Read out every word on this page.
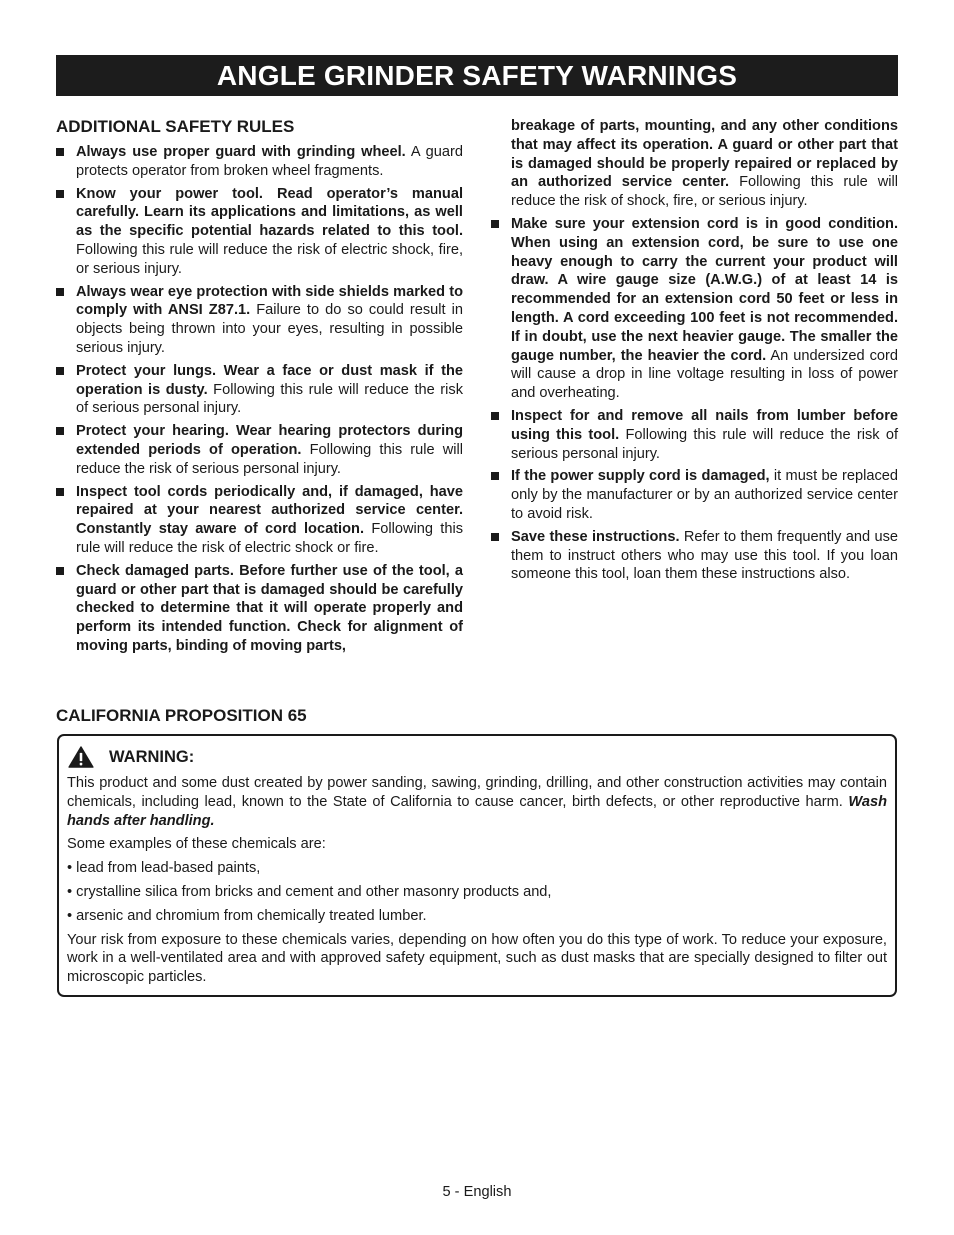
ANGLE GRINDER SAFETY WARNINGS
ADDITIONAL SAFETY RULES
Always use proper guard with grinding wheel. A guard protects operator from broken wheel fragments.
Know your power tool. Read operator’s manual carefully. Learn its applications and limitations, as well as the specific potential hazards related to this tool. Following this rule will reduce the risk of electric shock, fire, or serious injury.
Always wear eye protection with side shields marked to comply with ANSI Z87.1. Failure to do so could result in objects being thrown into your eyes, resulting in possible serious injury.
Protect your lungs. Wear a face or dust mask if the operation is dusty. Following this rule will reduce the risk of serious personal injury.
Protect your hearing. Wear hearing protectors during extended periods of operation. Following this rule will reduce the risk of serious personal injury.
Inspect tool cords periodically and, if damaged, have repaired at your nearest authorized service center. Constantly stay aware of cord location. Following this rule will reduce the risk of electric shock or fire.
Check damaged parts. Before further use of the tool, a guard or other part that is damaged should be carefully checked to determine that it will operate properly and perform its intended function. Check for alignment of moving parts, binding of moving parts,
breakage of parts, mounting, and any other conditions that may affect its operation. A guard or other part that is damaged should be properly repaired or replaced by an authorized service center. Following this rule will reduce the risk of shock, fire, or serious injury.
Make sure your extension cord is in good condition. When using an extension cord, be sure to use one heavy enough to carry the current your product will draw. A wire gauge size (A.W.G.) of at least 14 is recommended for an extension cord 50 feet or less in length. A cord exceeding 100 feet is not recommended. If in doubt, use the next heavier gauge. The smaller the gauge number, the heavier the cord. An undersized cord will cause a drop in line voltage resulting in loss of power and overheating.
Inspect for and remove all nails from lumber before using this tool. Following this rule will reduce the risk of serious personal injury.
If the power supply cord is damaged, it must be replaced only by the manufacturer or by an authorized service center to avoid risk.
Save these instructions. Refer to them frequently and use them to instruct others who may use this tool. If you loan someone this tool, loan them these instructions also.
CALIFORNIA PROPOSITION 65
WARNING:

This product and some dust created by power sanding, sawing, grinding, drilling, and other construction activities may contain chemicals, including lead, known to the State of California to cause cancer, birth defects, or other reproductive harm. Wash hands after handling.

Some examples of these chemicals are:

• lead from lead-based paints,

• crystalline silica from bricks and cement and other masonry products and,

• arsenic and chromium from chemically treated lumber.

Your risk from exposure to these chemicals varies, depending on how often you do this type of work. To reduce your exposure, work in a well-ventilated area and with approved safety equipment, such as dust masks that are specially designed to filter out microscopic particles.

5 - English
